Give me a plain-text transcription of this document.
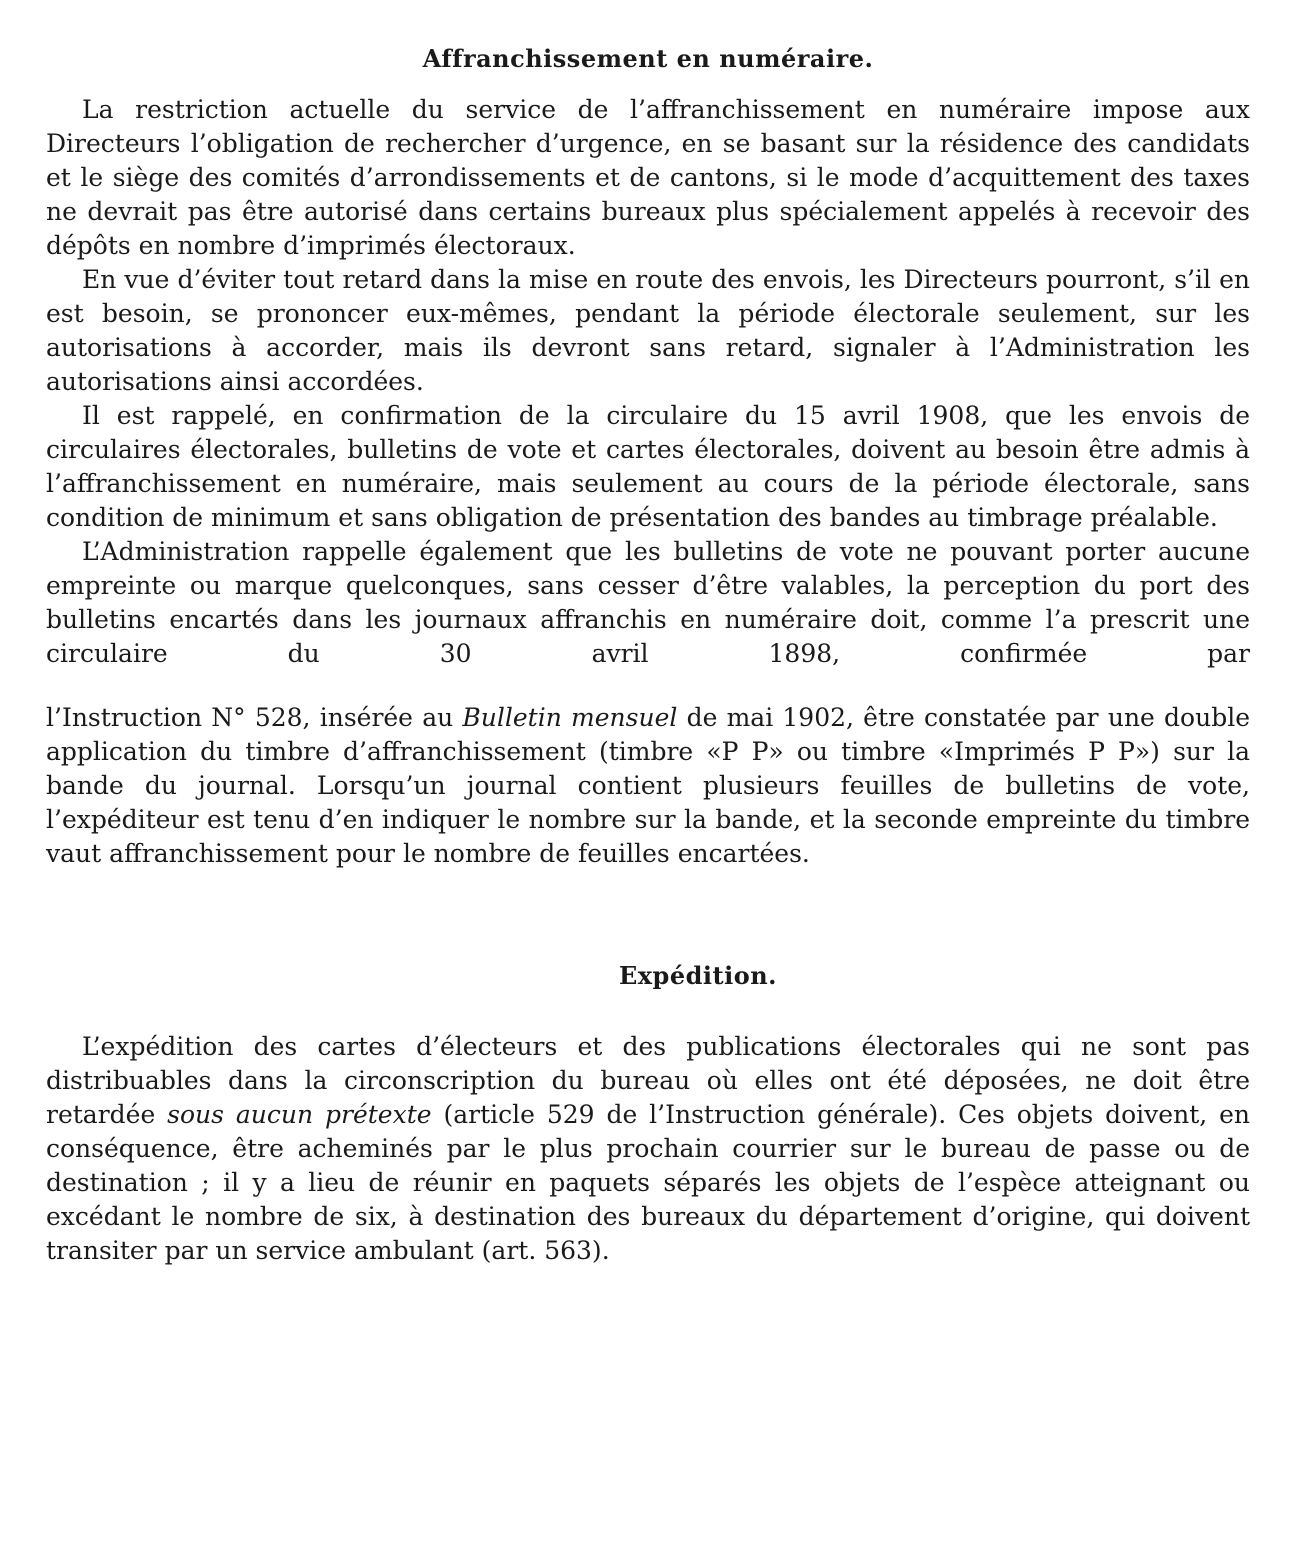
Affranchissement en numéraire.

La restriction actuelle du service de l’affranchissement en numéraire impose aux Directeurs l’obligation de rechercher d’urgence, en se basant sur la résidence des candidats et le siège des comités d’arrondissements et de cantons, si le mode d’acquittement des taxes ne devrait pas être autorisé dans certains bureaux plus spécialement appelés à recevoir des dépôts en nombre d’imprimés électoraux.

En vue d’éviter tout retard dans la mise en route des envois, les Directeurs pourront, s’il en est besoin, se prononcer eux-mêmes, pendant la période électorale seulement, sur les autorisations à accorder, mais ils devront sans retard, signaler à l’Administration les autorisations ainsi accordées.

Il est rappelé, en confirmation de la circulaire du 15 avril 1908, que les envois de circulaires électorales, bulletins de vote et cartes électorales, doivent au besoin être admis à l’affranchissement en numéraire, mais seulement au cours de la période électorale, sans condition de minimum et sans obligation de présentation des bandes au timbrage préalable.

L’Administration rappelle également que les bulletins de vote ne pouvant porter aucune empreinte ou marque quelconques, sans cesser d’être valables, la perception du port des bulletins encartés dans les journaux affranchis en numéraire doit, comme l’a prescrit une circulaire du 30 avril 1898, confirmée par

l’Instruction N° 528, insérée au Bulletin mensuel de mai 1902, être constatée par une double application du timbre d’affranchissement (timbre «P P» ou timbre «Imprimés P P») sur la bande du journal. Lorsqu’un journal contient plusieurs feuilles de bulletins de vote, l’expéditeur est tenu d’en indiquer le nombre sur la bande, et la seconde empreinte du timbre vaut affranchissement pour le nombre de feuilles encartées.

Expédition.

L’expédition des cartes d’électeurs et des publications électorales qui ne sont pas distribuables dans la circonscription du bureau où elles ont été déposées, ne doit être retardée sous aucun prétexte (article 529 de l’Instruction générale). Ces objets doivent, en conséquence, être acheminés par le plus prochain courrier sur le bureau de passe ou de destination ; il y a lieu de réunir en paquets séparés les objets de l’espèce atteignant ou excédant le nombre de six, à destination des bureaux du département d’origine, qui doivent transiter par un service ambulant (art. 563).
